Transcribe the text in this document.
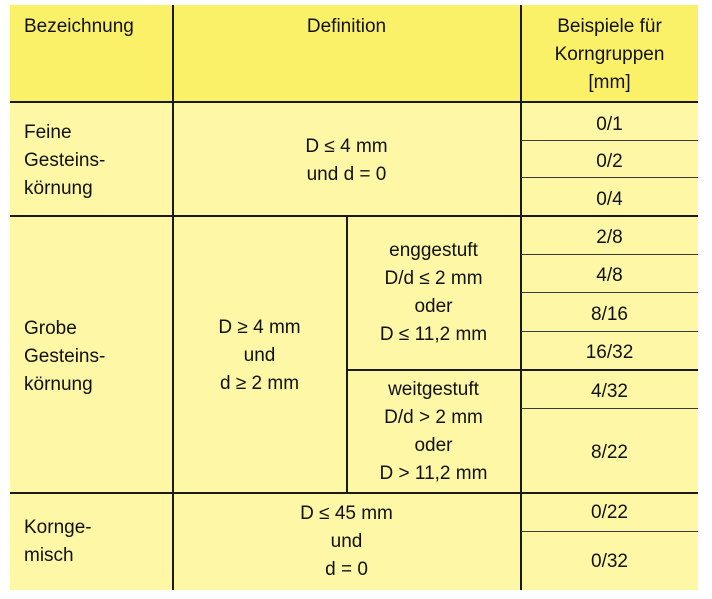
Bezeichnung	Definition	Beispiele für
Korngruppen
[mm]
Feine
Gesteins-
körnung
D ≤ 4 mm
und d = 0
0/1
0/2
0/4
Grobe
Gesteins-
körnung
D ≥ 4 mm
und
d ≥ 2 mm
enggestuft
D/d ≤ 2 mm
oder
D ≤ 11,2 mm
weitgestuft
D/d > 2 mm
oder
D > 11,2 mm
2/8
4/8
8/16
16/32
4/32
8/22
Korngе-
misch
D ≤ 45 mm
und
d = 0
0/22
0/32
